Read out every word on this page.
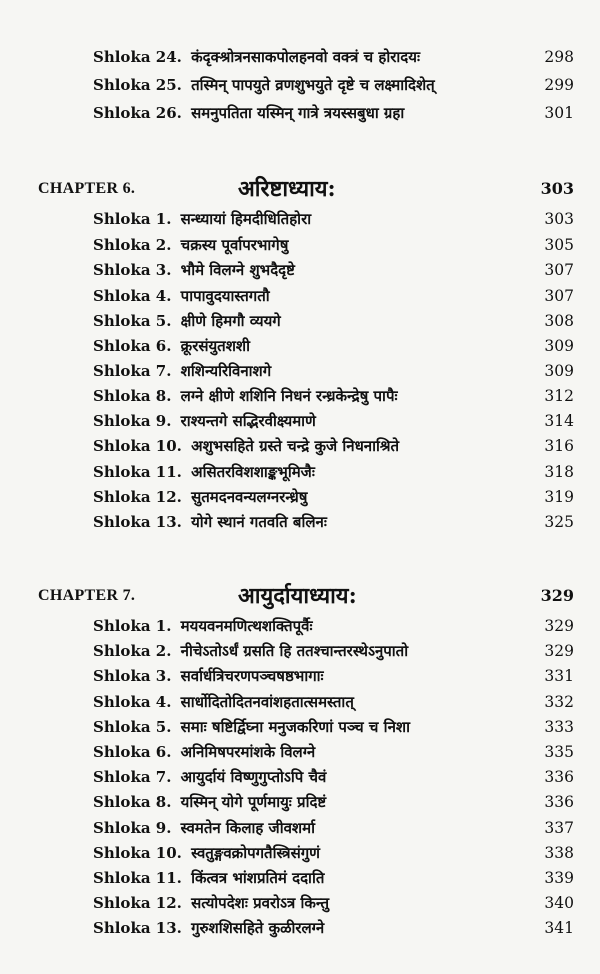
Shloka 24. कंदृक्श्रोत्रनसाकपोलहनवो वक्त्रं च होरादयः	298
Shloka 25. तस्मिन् पापयुते व्रणशुभयुते दृष्टे च लक्ष्मादिशेत्	299
Shloka 26. समनुपतिता यस्मिन् गात्रे त्रयस्सबुधा ग्रहा	301
CHAPTER 6.	अरिष्टाध्याय:	303
Shloka 1. सन्ध्यायां हिमदीधितिहोरा	303
Shloka 2. चक्रस्य पूर्वापरभागेषु	305
Shloka 3. भौमे विलग्ने शुभदैदृष्टे	307
Shloka 4. पापावुदयास्तगतौ	307
Shloka 5. क्षीणे हिमगौ व्ययगे	308
Shloka 6. क्रूरसंयुतशशी	309
Shloka 7. शशिन्यरिविनाशगे	309
Shloka 8. लग्ने क्षीणे शशिनि निधनं रन्ध्रकेन्द्रेषु पापैः	312
Shloka 9. राश्यन्तगे सद्भिरवीक्ष्यमाणे	314
Shloka 10. अशुभसहिते ग्रस्ते चन्द्रे कुजे निधनाश्रिते	316
Shloka 11. असितरविशशाङ्कभूमिजैः	318
Shloka 12. सुतमदनवन्यलग्नरन्ध्रेषु	319
Shloka 13. योगे स्थानं गतवति बलिनः	325
CHAPTER 7.	आयुर्दायाध्याय:	329
Shloka 1. मययवनमणित्थशक्तिपूर्वैः	329
Shloka 2. नीचेऽतोऽर्धं ग्रसति हि ततश्चान्तरस्थेऽनुपातो	329
Shloka 3. सर्वार्धत्रिचरणपञ्चषष्ठभागाः	331
Shloka 4. सार्धोदितोदितनवांशहतात्समस्तात्	332
Shloka 5. समाः षष्टिर्द्विघ्ना मनुजकरिणां पञ्च च निशा	333
Shloka 6. अनिमिषपरमांशके विलग्ने	335
Shloka 7. आयुर्दायं विष्णुगुप्तोऽपि चैवं	336
Shloka 8. यस्मिन् योगे पूर्णमायुः प्रदिष्टं	336
Shloka 9. स्वमतेन किलाह जीवशर्मा	337
Shloka 10. स्वतुङ्गवक्रोपगतैस्त्रिसंगुणं	338
Shloka 11. किंत्वत्र भांशप्रतिमं ददाति	339
Shloka 12. सत्योपदेशः प्रवरोऽत्र किन्तु	340
Shloka 13. गुरुशशिसहिते कुळीरलग्ने	341
